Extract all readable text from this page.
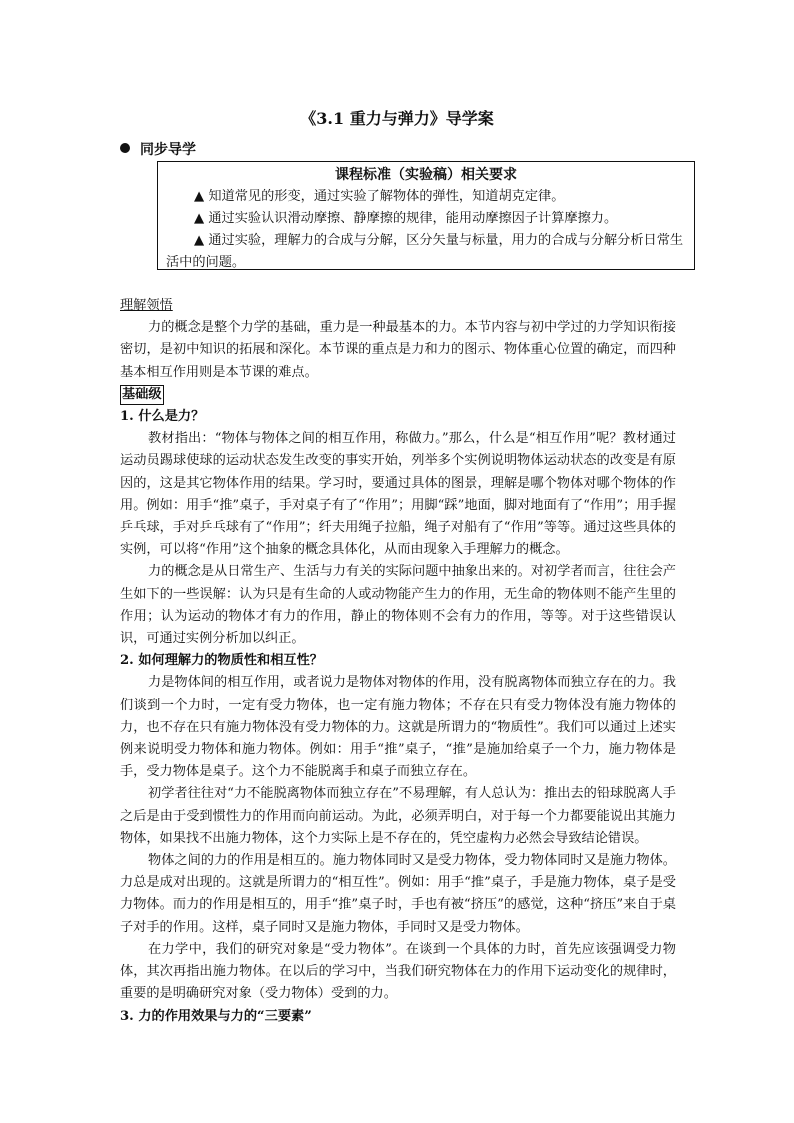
《3.1 重力与弹力》导学案
同步导学
课程标准（实验稿）相关要求
▲ 知道常见的形变，通过实验了解物体的弹性，知道胡克定律。
▲ 通过实验认识滑动摩擦、静摩擦的规律，能用动摩擦因子计算摩擦力。
▲ 通过实验，理解力的合成与分解，区分矢量与标量，用力的合成与分解分析日常生活中的问题。

理解领悟

力的概念是整个力学的基础，重力是一种最基本的力。本节内容与初中学过的力学知识衔接密切，是初中知识的拓展和深化。本节课的重点是力和力的图示、物体重心位置的确定，而四种基本相互作用则是本节课的难点。

基础级

1. 什么是力？

教材指出：“物体与物体之间的相互作用，称做力。”那么，什么是“相互作用”呢？教材通过运动员踢球使球的运动状态发生改变的事实开始，列举多个实例说明物体运动状态的改变是有原因的，这是其它物体作用的结果。学习时，要通过具体的图景，理解是哪个物体对哪个物体的作用。例如：用手“推”桌子，手对桌子有了“作用”；用脚“踩”地面，脚对地面有了“作用”；用手握乒乓球，手对乒乓球有了“作用”；纤夫用绳子拉船，绳子对船有了“作用”等等。通过这些具体的实例，可以将“作用”这个抽象的概念具体化，从而由现象入手理解力的概念。

力的概念是从日常生产、生活与力有关的实际问题中抽象出来的。对初学者而言，往往会产生如下的一些误解：认为只是有生命的人或动物能产生力的作用，无生命的物体则不能产生里的作用；认为运动的物体才有力的作用，静止的物体则不会有力的作用，等等。对于这些错误认识，可通过实例分析加以纠正。

2. 如何理解力的物质性和相互性？

力是物体间的相互作用，或者说力是物体对物体的作用，没有脱离物体而独立存在的力。我们谈到一个力时，一定有受力物体，也一定有施力物体；不存在只有受力物体没有施力物体的力，也不存在只有施力物体没有受力物体的力。这就是所谓力的“物质性”。我们可以通过上述实例来说明受力物体和施力物体。例如：用手“推”桌子，“推”是施加给桌子一个力，施力物体是手，受力物体是桌子。这个力不能脱离手和桌子而独立存在。

初学者往往对“力不能脱离物体而独立存在”不易理解，有人总认为：推出去的铅球脱离人手之后是由于受到惯性力的作用而向前运动。为此，必须弄明白，对于每一个力都要能说出其施力物体，如果找不出施力物体，这个力实际上是不存在的，凭空虚构力必然会导致结论错误。

物体之间的力的作用是相互的。施力物体同时又是受力物体，受力物体同时又是施力物体。力总是成对出现的。这就是所谓力的“相互性”。例如：用手“推”桌子，手是施力物体，桌子是受力物体。而力的作用是相互的，用手“推”桌子时，手也有被“挤压”的感觉，这种“挤压”来自于桌子对手的作用。这样，桌子同时又是施力物体，手同时又是受力物体。

在力学中，我们的研究对象是“受力物体”。在谈到一个具体的力时，首先应该强调受力物体，其次再指出施力物体。在以后的学习中，当我们研究物体在力的作用下运动变化的规律时，重要的是明确研究对象（受力物体）受到的力。

3. 力的作用效果与力的“三要素”
